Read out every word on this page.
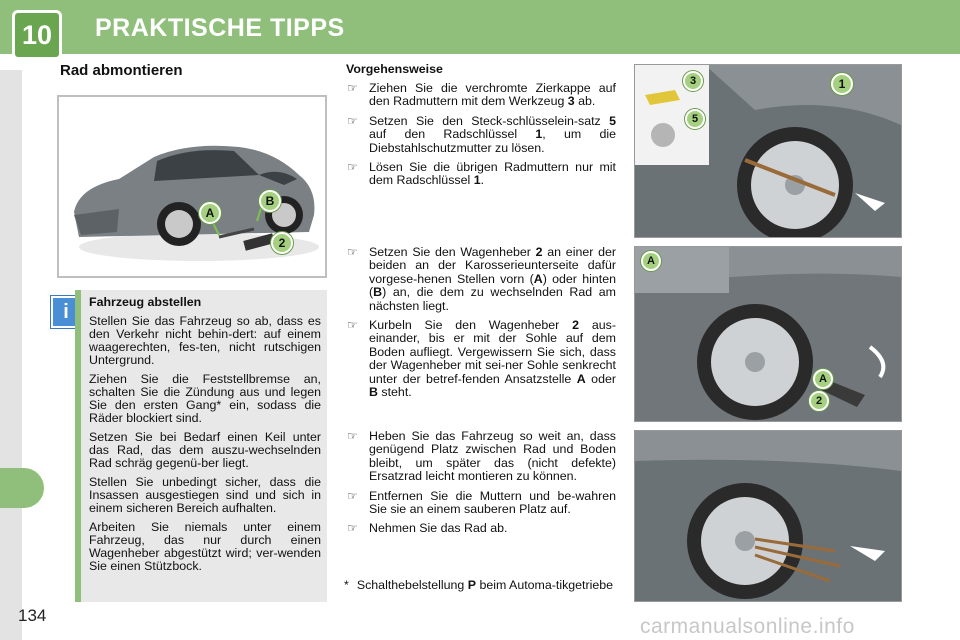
10	PRAKTISCHE TIPPS
134
Rad abmontieren
A
B
2
i	Fahrzeug abstellen

Stellen Sie das Fahrzeug so ab, dass es den Verkehr nicht behin-dert: auf einem waagerechten, fes-ten, nicht rutschigen Untergrund.

Ziehen Sie die Feststellbremse an, schalten Sie die Zündung aus und legen Sie den ersten Gang* ein, sodass die Räder blockiert sind.

Setzen Sie bei Bedarf einen Keil unter das Rad, das dem auszu-wechselnden Rad schräg gegenü-ber liegt.

Stellen Sie unbedingt sicher, dass die Insassen ausgestiegen sind und sich in einem sicheren Bereich aufhalten.

Arbeiten Sie niemals unter einem Fahrzeug, das nur durch einen Wagenheber abgestützt wird; ver-wenden Sie einen Stützbock.

Vorgehensweise
☞ Ziehen Sie die verchromte Zierkappe auf den Radmuttern mit dem Werkzeug 3 ab.
☞ Setzen Sie den Steck-schlüsselein-satz 5 auf den Radschlüssel 1, um die Diebstahlschutzmutter zu lösen.
☞ Lösen Sie die übrigen Radmuttern nur mit dem Radschlüssel 1.
☞ Setzen Sie den Wagenheber 2 an einer der beiden an der Karosserieunterseite dafür vorgese-henen Stellen vorn (A) oder hinten (B) an, die dem zu wechselnden Rad am nächsten liegt.
☞ Kurbeln Sie den Wagenheber 2 aus-einander, bis er mit der Sohle auf dem Boden aufliegt. Vergewissern Sie sich, dass der Wagenheber mit sei-ner Sohle senkrecht unter der betref-fenden Ansatzstelle A oder B steht.
☞ Heben Sie das Fahrzeug so weit an, dass genügend Platz zwischen Rad und Boden bleibt, um später das (nicht defekte) Ersatzrad leicht montieren zu können.
☞ Entfernen Sie die Muttern und be-wahren Sie sie an einem sauberen Platz auf.
☞ Nehmen Sie das Rad ab.
* Schalthebelstellung P beim Automa-tikgetriebe
1
3
5
A
A
2
carmanualsonline.info
